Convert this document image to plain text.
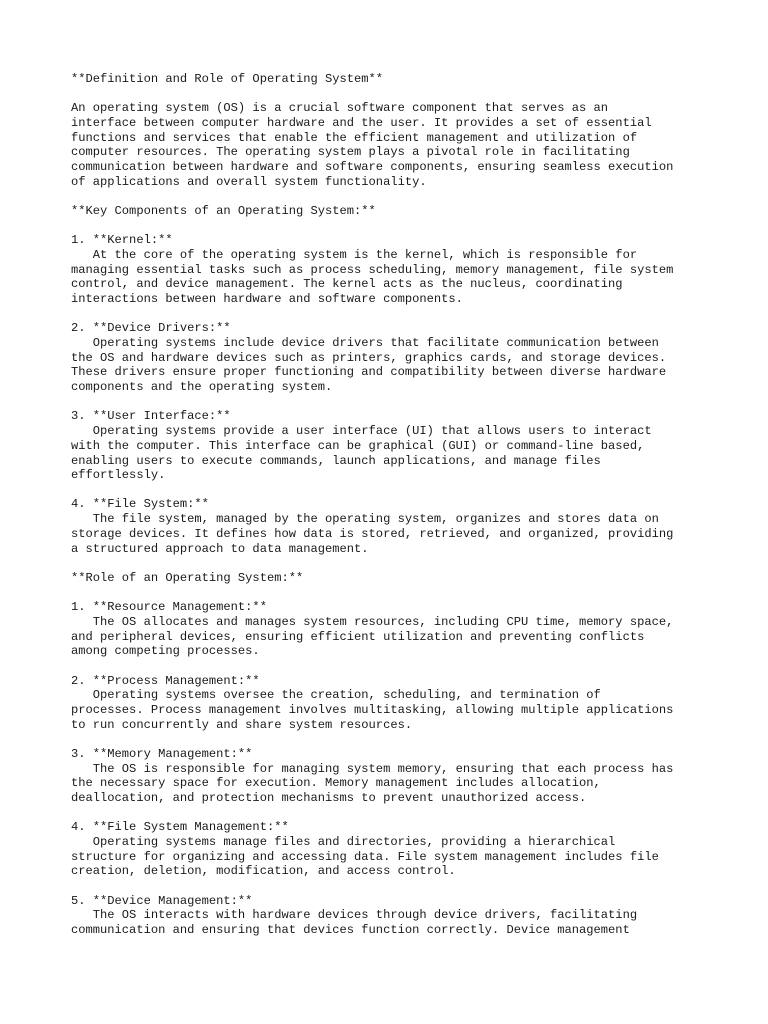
**Definition and Role of Operating System**

An operating system (OS) is a crucial software component that serves as an

interface between computer hardware and the user. It provides a set of essential

functions and services that enable the efficient management and utilization of

computer resources. The operating system plays a pivotal role in facilitating

communication between hardware and software components, ensuring seamless execution

of applications and overall system functionality.

**Key Components of an Operating System:**

1. **Kernel:**

At the core of the operating system is the kernel, which is responsible for

managing essential tasks such as process scheduling, memory management, file system

control, and device management. The kernel acts as the nucleus, coordinating

interactions between hardware and software components.

2. **Device Drivers:**

Operating systems include device drivers that facilitate communication between

the OS and hardware devices such as printers, graphics cards, and storage devices.

These drivers ensure proper functioning and compatibility between diverse hardware

components and the operating system.

3. **User Interface:**

Operating systems provide a user interface (UI) that allows users to interact

with the computer. This interface can be graphical (GUI) or command-line based,

enabling users to execute commands, launch applications, and manage files

effortlessly.

4. **File System:**

The file system, managed by the operating system, organizes and stores data on

storage devices. It defines how data is stored, retrieved, and organized, providing

a structured approach to data management.

**Role of an Operating System:**

1. **Resource Management:**

The OS allocates and manages system resources, including CPU time, memory space,

and peripheral devices, ensuring efficient utilization and preventing conflicts

among competing processes.

2. **Process Management:**

Operating systems oversee the creation, scheduling, and termination of

processes. Process management involves multitasking, allowing multiple applications

to run concurrently and share system resources.

3. **Memory Management:**

The OS is responsible for managing system memory, ensuring that each process has

the necessary space for execution. Memory management includes allocation,

deallocation, and protection mechanisms to prevent unauthorized access.

4. **File System Management:**

Operating systems manage files and directories, providing a hierarchical

structure for organizing and accessing data. File system management includes file

creation, deletion, modification, and access control.

5. **Device Management:**

The OS interacts with hardware devices through device drivers, facilitating

communication and ensuring that devices function correctly. Device management
